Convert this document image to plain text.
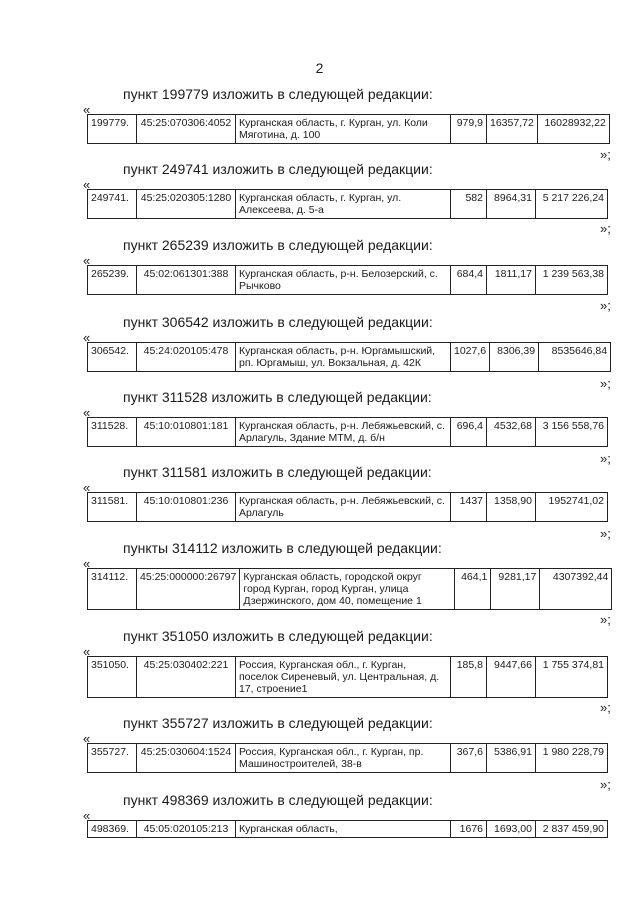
2
пункт 199779 изложить в следующей редакции:
«
199779.	45:25:070306:4052	Курганская область, г. Курган, ул. Коли Мяготина, д. 100	979,9	16357,72	16028932,22
»;
пункт 249741 изложить в следующей редакции:
«
249741.	45:25:020305:1280	Курганская область, г. Курган, ул. Алексеева, д. 5-а	582	8964,31	5 217 226,24
»;
пункт 265239 изложить в следующей редакции:
«
265239.	45:02:061301:388	Курганская область, р-н. Белозерский, с. Рычково	684,4	1811,17	1 239 563,38
»;
пункт 306542 изложить в следующей редакции:
«
306542.	45:24:020105:478	Курганская область, р-н. Юргамышский, рп. Юргамыш, ул. Вокзальная, д. 42К	1027,6	8306,39	8535646,84
»;
пункт 311528 изложить в следующей редакции:
«
311528.	45:10:010801:181	Курганская область, р-н. Лебяжьевский, с. Арлагуль, Здание МТМ, д. б/н	696,4	4532,68	3 156 558,76
»;
пункт 311581 изложить в следующей редакции:
«
311581.	45:10:010801:236	Курганская область, р-н. Лебяжьевский, с. Арлагуль	1437	1358,90	1952741,02
»;
пункты 314112 изложить в следующей редакции:
«
314112.	45:25:000000:26797	Курганская область, городской округ город Курган, город Курган, улица Дзержинского, дом 40, помещение 1	464,1	9281,17	4307392,44
»;
пункт 351050 изложить в следующей редакции:
«
351050.	45:25:030402:221	Россия, Курганская обл., г. Курган, поселок Сиреневый, ул. Центральная, д. 17, строение1	185,8	9447,66	1 755 374,81
»;
пункт 355727 изложить в следующей редакции:
«
355727.	45:25:030604:1524	Россия, Курганская обл., г. Курган, пр. Машиностроителей, 38-в	367,6	5386,91	1 980 228,79
»;
пункт 498369 изложить в следующей редакции:
«
498369.	45:05:020105:213	Курганская область,	1676	1693,00	2 837 459,90
